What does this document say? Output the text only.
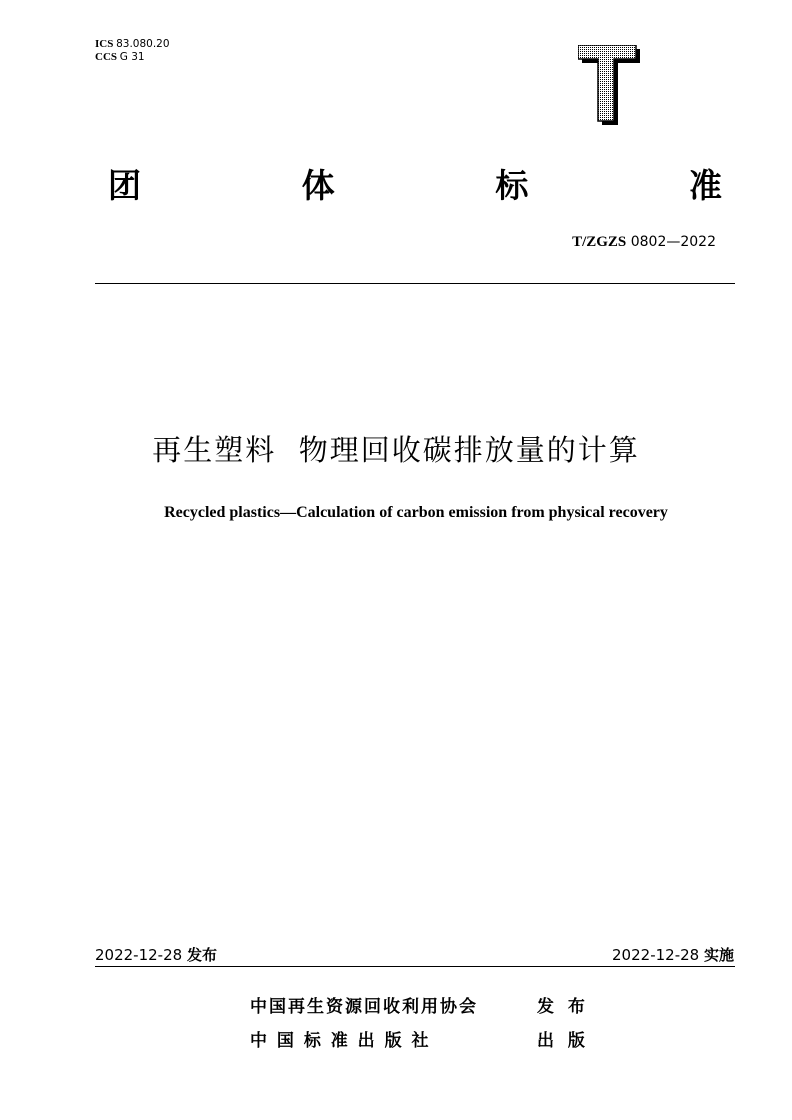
ICS 83.080.20
CCS G 31
团	体	标	准
T/ZGZS 0802—2022
再生塑料  物理回收碳排放量的计算
Recycled plastics—Calculation of carbon emission from physical recovery
2022-12-28 发布	2022-12-28 实施
中国再生资源回收利用协会	发 布
中 国 标 准 出 版 社	出 版
